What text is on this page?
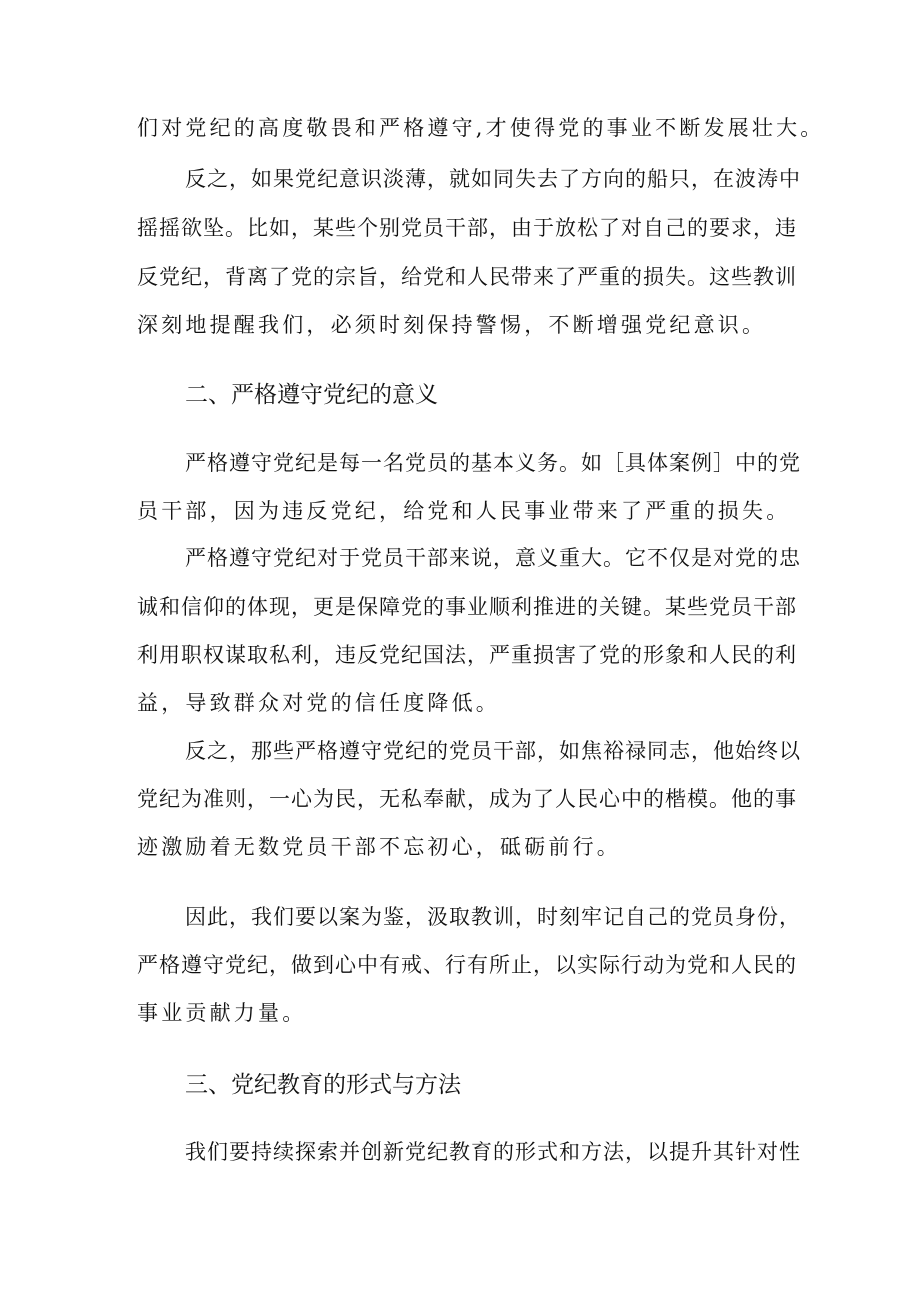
们对党纪的高度敬畏和严格遵守,才使得党的事业不断发展壮大。
反之，如果党纪意识淡薄，就如同失去了方向的船只，在波涛中
摇摇欲坠。比如，某些个别党员干部，由于放松了对自己的要求，违
反党纪，背离了党的宗旨，给党和人民带来了严重的损失。这些教训
深刻地提醒我们，必须时刻保持警惕，不断增强党纪意识。
二、严格遵守党纪的意义
严格遵守党纪是每一名党员的基本义务。如［具体案例］中的党
员干部，因为违反党纪，给党和人民事业带来了严重的损失。
严格遵守党纪对于党员干部来说，意义重大。它不仅是对党的忠
诚和信仰的体现，更是保障党的事业顺利推进的关键。某些党员干部
利用职权谋取私利，违反党纪国法，严重损害了党的形象和人民的利
益，导致群众对党的信任度降低。
反之，那些严格遵守党纪的党员干部，如焦裕禄同志，他始终以
党纪为准则，一心为民，无私奉献，成为了人民心中的楷模。他的事
迹激励着无数党员干部不忘初心，砥砺前行。
因此，我们要以案为鉴，汲取教训，时刻牢记自己的党员身份，
严格遵守党纪，做到心中有戒、行有所止，以实际行动为党和人民的
事业贡献力量。
三、党纪教育的形式与方法
我们要持续探索并创新党纪教育的形式和方法，以提升其针对性
